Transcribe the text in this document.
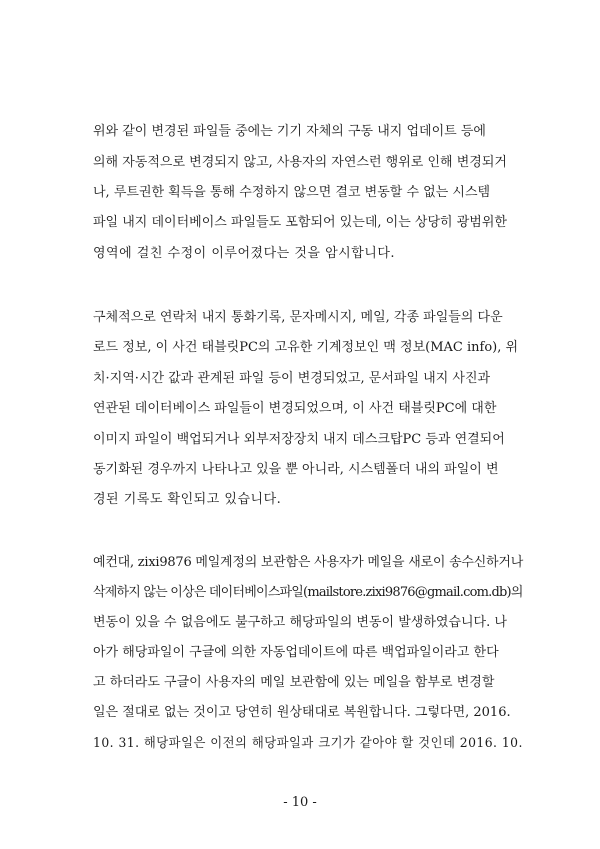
위와 같이 변경된 파일들 중에는 기기 자체의 구동 내지 업데이트 등에
의해 자동적으로 변경되지 않고, 사용자의 자연스런 행위로 인해 변경되거
나, 루트권한 획득을 통해 수정하지 않으면 결코 변동할 수 없는 시스템
파일 내지 데이터베이스 파일들도 포함되어 있는데, 이는 상당히 광범위한
영역에 걸친 수정이 이루어졌다는 것을 암시합니다.
구체적으로 연락처 내지 통화기록, 문자메시지, 메일, 각종 파일들의 다운
로드 정보, 이 사건 태블릿PC의 고유한 기계정보인 맥 정보(MAC info), 위
치·지역·시간 값과 관계된 파일 등이 변경되었고, 문서파일 내지 사진과
연관된 데이터베이스 파일들이 변경되었으며, 이 사건 태블릿PC에 대한
이미지 파일이 백업되거나 외부저장장치 내지 데스크탑PC 등과 연결되어
동기화된 경우까지 나타나고 있을 뿐 아니라, 시스템폴더 내의 파일이 변
경된 기록도 확인되고 있습니다.
예컨대, zixi9876 메일계정의 보관함은 사용자가 메일을 새로이 송수신하거나
삭제하지 않는 이상은 데이터베이스파일(mailstore.zixi9876@gmail.com.db)의
변동이 있을 수 없음에도 불구하고 해당파일의 변동이 발생하였습니다. 나
아가 해당파일이 구글에 의한 자동업데이트에 따른 백업파일이라고 한다
고 하더라도 구글이 사용자의 메일 보관함에 있는 메일을 함부로 변경할
일은 절대로 없는 것이고 당연히 원상태대로 복원합니다. 그렇다면, 2016.
10. 31. 해당파일은 이전의 해당파일과 크기가 같아야 할 것인데 2016. 10.
- 10 -
